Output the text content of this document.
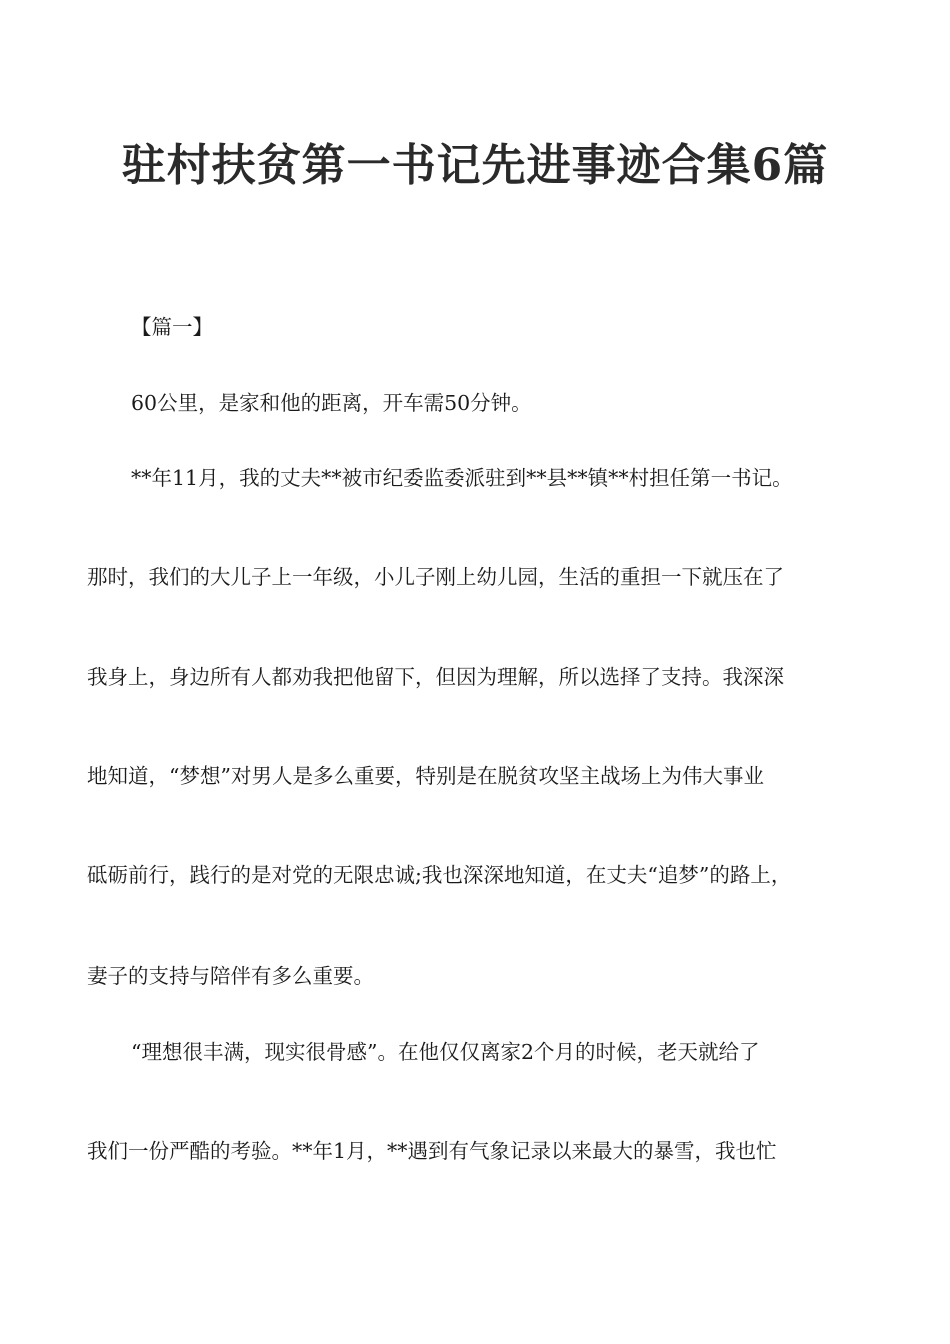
驻村扶贫第一书记先进事迹合集6篇
【篇一】
60公里，是家和他的距离，开车需50分钟。
**年11月，我的丈夫**被市纪委监委派驻到**县**镇**村担任第一书记。
那时，我们的大儿子上一年级，小儿子刚上幼儿园，生活的重担一下就压在了
我身上，身边所有人都劝我把他留下，但因为理解，所以选择了支持。我深深
地知道，“梦想”对男人是多么重要，特别是在脱贫攻坚主战场上为伟大事业
砥砺前行，践行的是对党的无限忠诚;我也深深地知道，在丈夫“追梦”的路上，
妻子的支持与陪伴有多么重要。
“理想很丰满，现实很骨感”。在他仅仅离家2个月的时候，老天就给了
我们一份严酷的考验。**年1月，**遇到有气象记录以来最大的暴雪，我也忙
